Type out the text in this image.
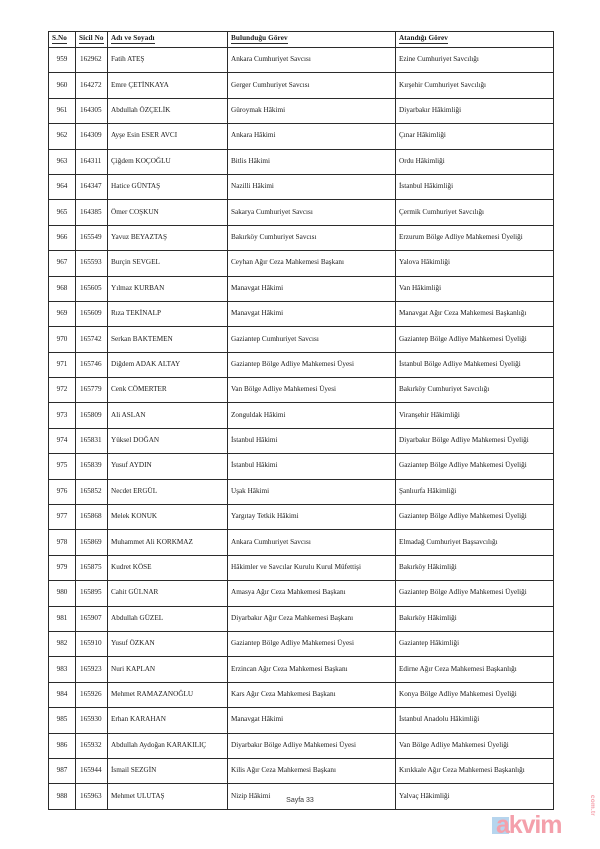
S.No	Sicil No	Adı ve Soyadı	Bulunduğu Görev	Atandığı Görev
959	162962	Fatih ATEŞ	Ankara Cumhuriyet Savcısı	Ezine Cumhuriyet Savcılığı
960	164272	Emre ÇETİNKAYA	Gerger Cumhuriyet Savcısı	Kırşehir Cumhuriyet Savcılığı
961	164305	Abdullah ÖZÇELİK	Güroymak Hâkimi	Diyarbakır Hâkimliği
962	164309	Ayşe Esin ESER AVCI	Ankara Hâkimi	Çınar Hâkimliği
963	164311	Çiğdem KOÇOĞLU	Bitlis Hâkimi	Ordu Hâkimliği
964	164347	Hatice GÜNTAŞ	Nazilli Hâkimi	İstanbul Hâkimliği
965	164385	Ömer COŞKUN	Sakarya Cumhuriyet Savcısı	Çermik Cumhuriyet Savcılığı
966	165549	Yavuz BEYAZTAŞ	Bakırköy Cumhuriyet Savcısı	Erzurum Bölge Adliye Mahkemesi Üyeliği
967	165593	Burçin SEVGEL	Ceyhan Ağır Ceza Mahkemesi Başkanı	Yalova Hâkimliği
968	165605	Yılmaz KURBAN	Manavgat Hâkimi	Van Hâkimliği
969	165609	Rıza TEKİNALP	Manavgat Hâkimi	Manavgat Ağır Ceza Mahkemesi Başkanlığı
970	165742	Serkan BAKTEMEN	Gaziantep Cumhuriyet Savcısı	Gaziantep Bölge Adliye Mahkemesi Üyeliği
971	165746	Diğdem ADAK ALTAY	Gaziantep Bölge Adliye Mahkemesi Üyesi	İstanbul Bölge Adliye Mahkemesi Üyeliği
972	165779	Cenk CÖMERTER	Van Bölge Adliye Mahkemesi Üyesi	Bakırköy Cumhuriyet Savcılığı
973	165809	Ali ASLAN	Zonguldak Hâkimi	Viranşehir Hâkimliği
974	165831	Yüksel DOĞAN	İstanbul Hâkimi	Diyarbakır Bölge Adliye Mahkemesi Üyeliği
975	165839	Yusuf AYDIN	İstanbul Hâkimi	Gaziantep Bölge Adliye Mahkemesi Üyeliği
976	165852	Necdet ERGÜL	Uşak Hâkimi	Şanlıurfa Hâkimliği
977	165868	Melek KONUK	Yargıtay Tetkik Hâkimi	Gaziantep Bölge Adliye Mahkemesi Üyeliği
978	165869	Muhammet Ali KORKMAZ	Ankara Cumhuriyet Savcısı	Elmadağ Cumhuriyet Başsavcılığı
979	165875	Kudret KÖSE	Hâkimler ve Savcılar Kurulu Kurul Müfettişi	Bakırköy Hâkimliği
980	165895	Cahit GÜLNAR	Amasya Ağır Ceza Mahkemesi Başkanı	Gaziantep Bölge Adliye Mahkemesi Üyeliği
981	165907	Abdullah GÜZEL	Diyarbakır Ağır Ceza Mahkemesi Başkanı	Bakırköy Hâkimliği
982	165910	Yusuf ÖZKAN	Gaziantep Bölge Adliye Mahkemesi Üyesi	Gaziantep Hâkimliği
983	165923	Nuri KAPLAN	Erzincan Ağır Ceza Mahkemesi Başkanı	Edirne Ağır Ceza Mahkemesi Başkanlığı
984	165926	Mehmet RAMAZANOĞLU	Kars Ağır Ceza Mahkemesi Başkanı	Konya Bölge Adliye Mahkemesi Üyeliği
985	165930	Erhan KARAHAN	Manavgat Hâkimi	İstanbul Anadolu Hâkimliği
986	165932	Abdullah Aydoğan KARAKILIÇ	Diyarbakır Bölge Adliye Mahkemesi Üyesi	Van Bölge Adliye Mahkemesi Üyeliği
987	165944	İsmail SEZGİN	Kilis Ağır Ceza Mahkemesi Başkanı	Kırıkkale Ağır Ceza Mahkemesi Başkanlığı
988	165963	Mehmet ULUTAŞ	Nizip Hâkimi	Yalvaç Hâkimliği
Sayfa 33
akvim
com.tr
